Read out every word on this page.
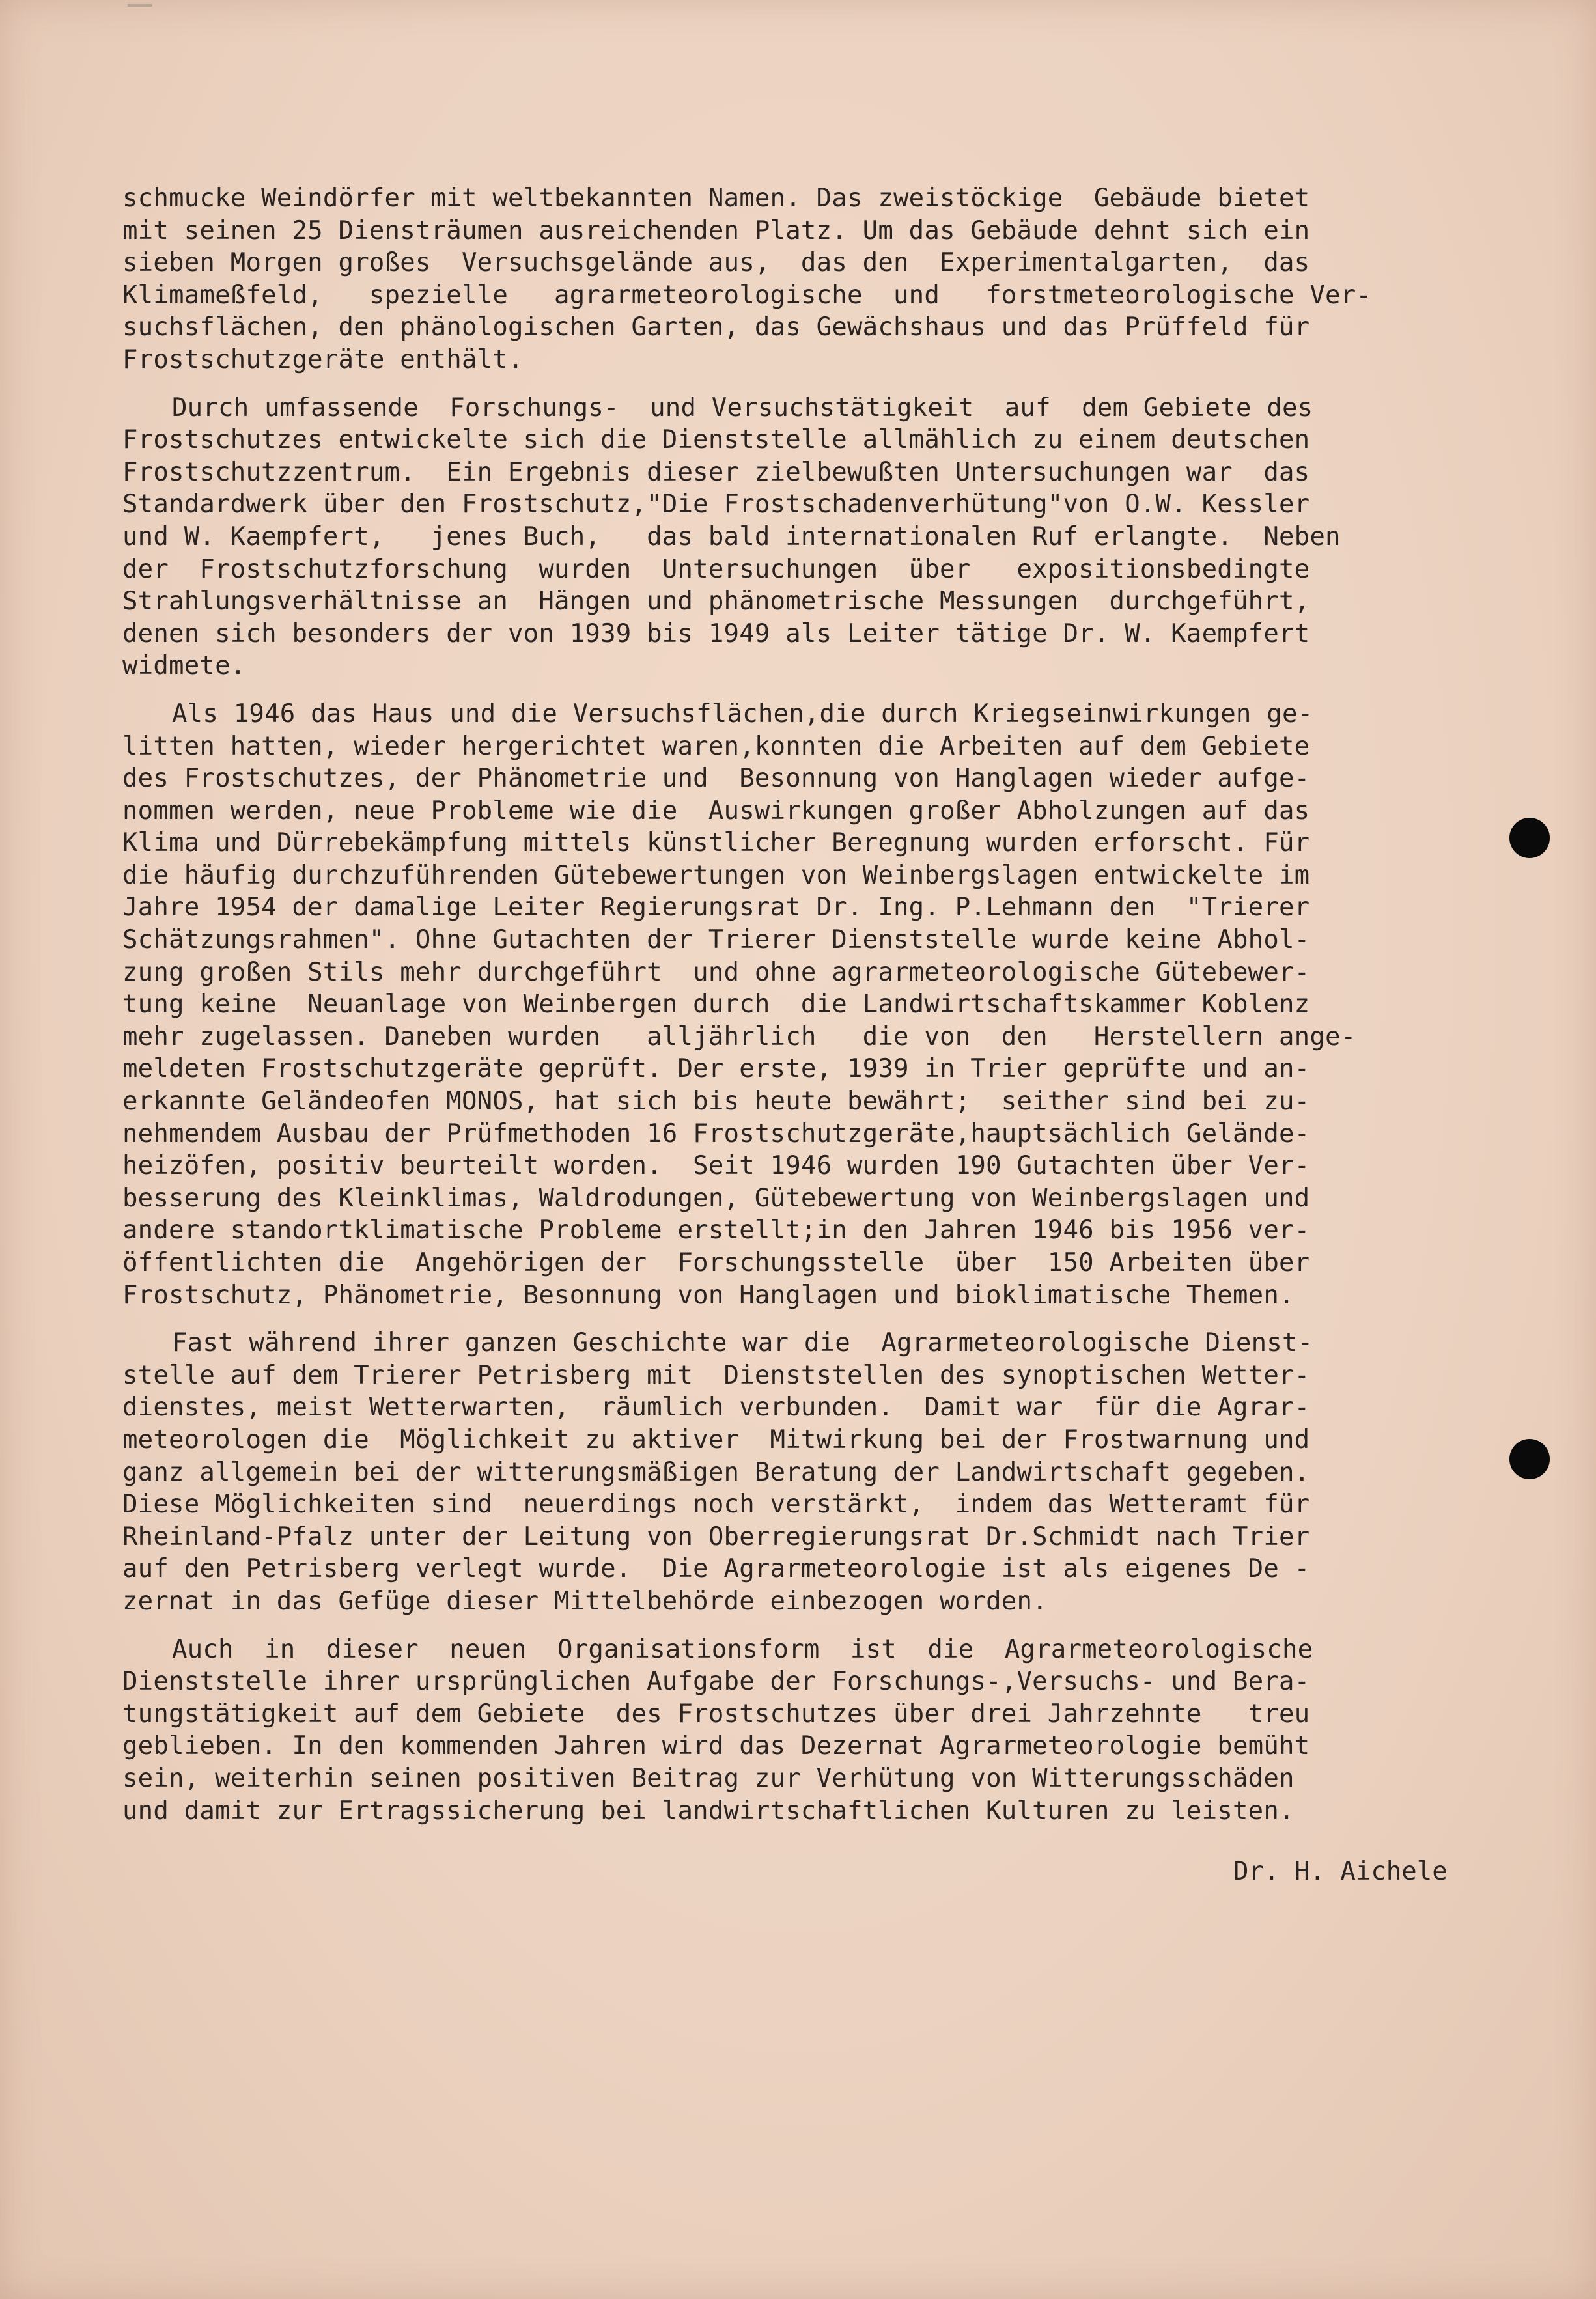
schmucke Weindörfer mit weltbekannten Namen. Das zweistöckige  Gebäude bietet
mit seinen 25 Diensträumen ausreichenden Platz. Um das Gebäude dehnt sich ein
sieben Morgen großes  Versuchsgelände aus,  das den  Experimentalgarten,  das
Klimameßfeld,   spezielle   agrarmeteorologische  und   forstmeteorologische Ver-
suchsflächen, den phänologischen Garten, das Gewächshaus und das Prüffeld für
Frostschutzgeräte enthält.
Durch umfassende  Forschungs-  und Versuchstätigkeit  auf  dem Gebiete des
Frostschutzes entwickelte sich die Dienststelle allmählich zu einem deutschen
Frostschutzzentrum.  Ein Ergebnis dieser zielbewußten Untersuchungen war  das
Standardwerk über den Frostschutz,"Die Frostschadenverhütung"von O.W. Kessler
und W. Kaempfert,   jenes Buch,   das bald internationalen Ruf erlangte.  Neben
der  Frostschutzforschung  wurden  Untersuchungen  über   expositionsbedingte
Strahlungsverhältnisse an  Hängen und phänometrische Messungen  durchgeführt,
denen sich besonders der von 1939 bis 1949 als Leiter tätige Dr. W. Kaempfert
widmete.
Als 1946 das Haus und die Versuchsflächen,die durch Kriegseinwirkungen ge-
litten hatten, wieder hergerichtet waren,konnten die Arbeiten auf dem Gebiete
des Frostschutzes, der Phänometrie und  Besonnung von Hanglagen wieder aufge-
nommen werden, neue Probleme wie die  Auswirkungen großer Abholzungen auf das
Klima und Dürrebekämpfung mittels künstlicher Beregnung wurden erforscht. Für
die häufig durchzuführenden Gütebewertungen von Weinbergslagen entwickelte im
Jahre 1954 der damalige Leiter Regierungsrat Dr. Ing. P.Lehmann den  "Trierer
Schätzungsrahmen". Ohne Gutachten der Trierer Dienststelle wurde keine Abhol-
zung großen Stils mehr durchgeführt  und ohne agrarmeteorologische Gütebewer-
tung keine  Neuanlage von Weinbergen durch  die Landwirtschaftskammer Koblenz
mehr zugelassen. Daneben wurden   alljährlich   die von  den   Herstellern ange-
meldeten Frostschutzgeräte geprüft. Der erste, 1939 in Trier geprüfte und an-
erkannte Geländeofen MONOS, hat sich bis heute bewährt;  seither sind bei zu-
nehmendem Ausbau der Prüfmethoden 16 Frostschutzgeräte,hauptsächlich Gelände-
heizöfen, positiv beurteilt worden.  Seit 1946 wurden 190 Gutachten über Ver-
besserung des Kleinklimas, Waldrodungen, Gütebewertung von Weinbergslagen und
andere standortklimatische Probleme erstellt;in den Jahren 1946 bis 1956 ver-
öffentlichten die  Angehörigen der  Forschungsstelle  über  150 Arbeiten über
Frostschutz, Phänometrie, Besonnung von Hanglagen und bioklimatische Themen.
Fast während ihrer ganzen Geschichte war die  Agrarmeteorologische Dienst-
stelle auf dem Trierer Petrisberg mit  Dienststellen des synoptischen Wetter-
dienstes, meist Wetterwarten,  räumlich verbunden.  Damit war  für die Agrar-
meteorologen die  Möglichkeit zu aktiver  Mitwirkung bei der Frostwarnung und
ganz allgemein bei der witterungsmäßigen Beratung der Landwirtschaft gegeben.
Diese Möglichkeiten sind  neuerdings noch verstärkt,  indem das Wetteramt für
Rheinland-Pfalz unter der Leitung von Oberregierungsrat Dr.Schmidt nach Trier
auf den Petrisberg verlegt wurde.  Die Agrarmeteorologie ist als eigenes De -
zernat in das Gefüge dieser Mittelbehörde einbezogen worden.
Auch  in  dieser  neuen  Organisationsform  ist  die  Agrarmeteorologische
Dienststelle ihrer ursprünglichen Aufgabe der Forschungs-,Versuchs- und Bera-
tungstätigkeit auf dem Gebiete  des Frostschutzes über drei Jahrzehnte   treu
geblieben. In den kommenden Jahren wird das Dezernat Agrarmeteorologie bemüht
sein, weiterhin seinen positiven Beitrag zur Verhütung von Witterungsschäden
und damit zur Ertragssicherung bei landwirtschaftlichen Kulturen zu leisten.
Dr. H. Aichele
